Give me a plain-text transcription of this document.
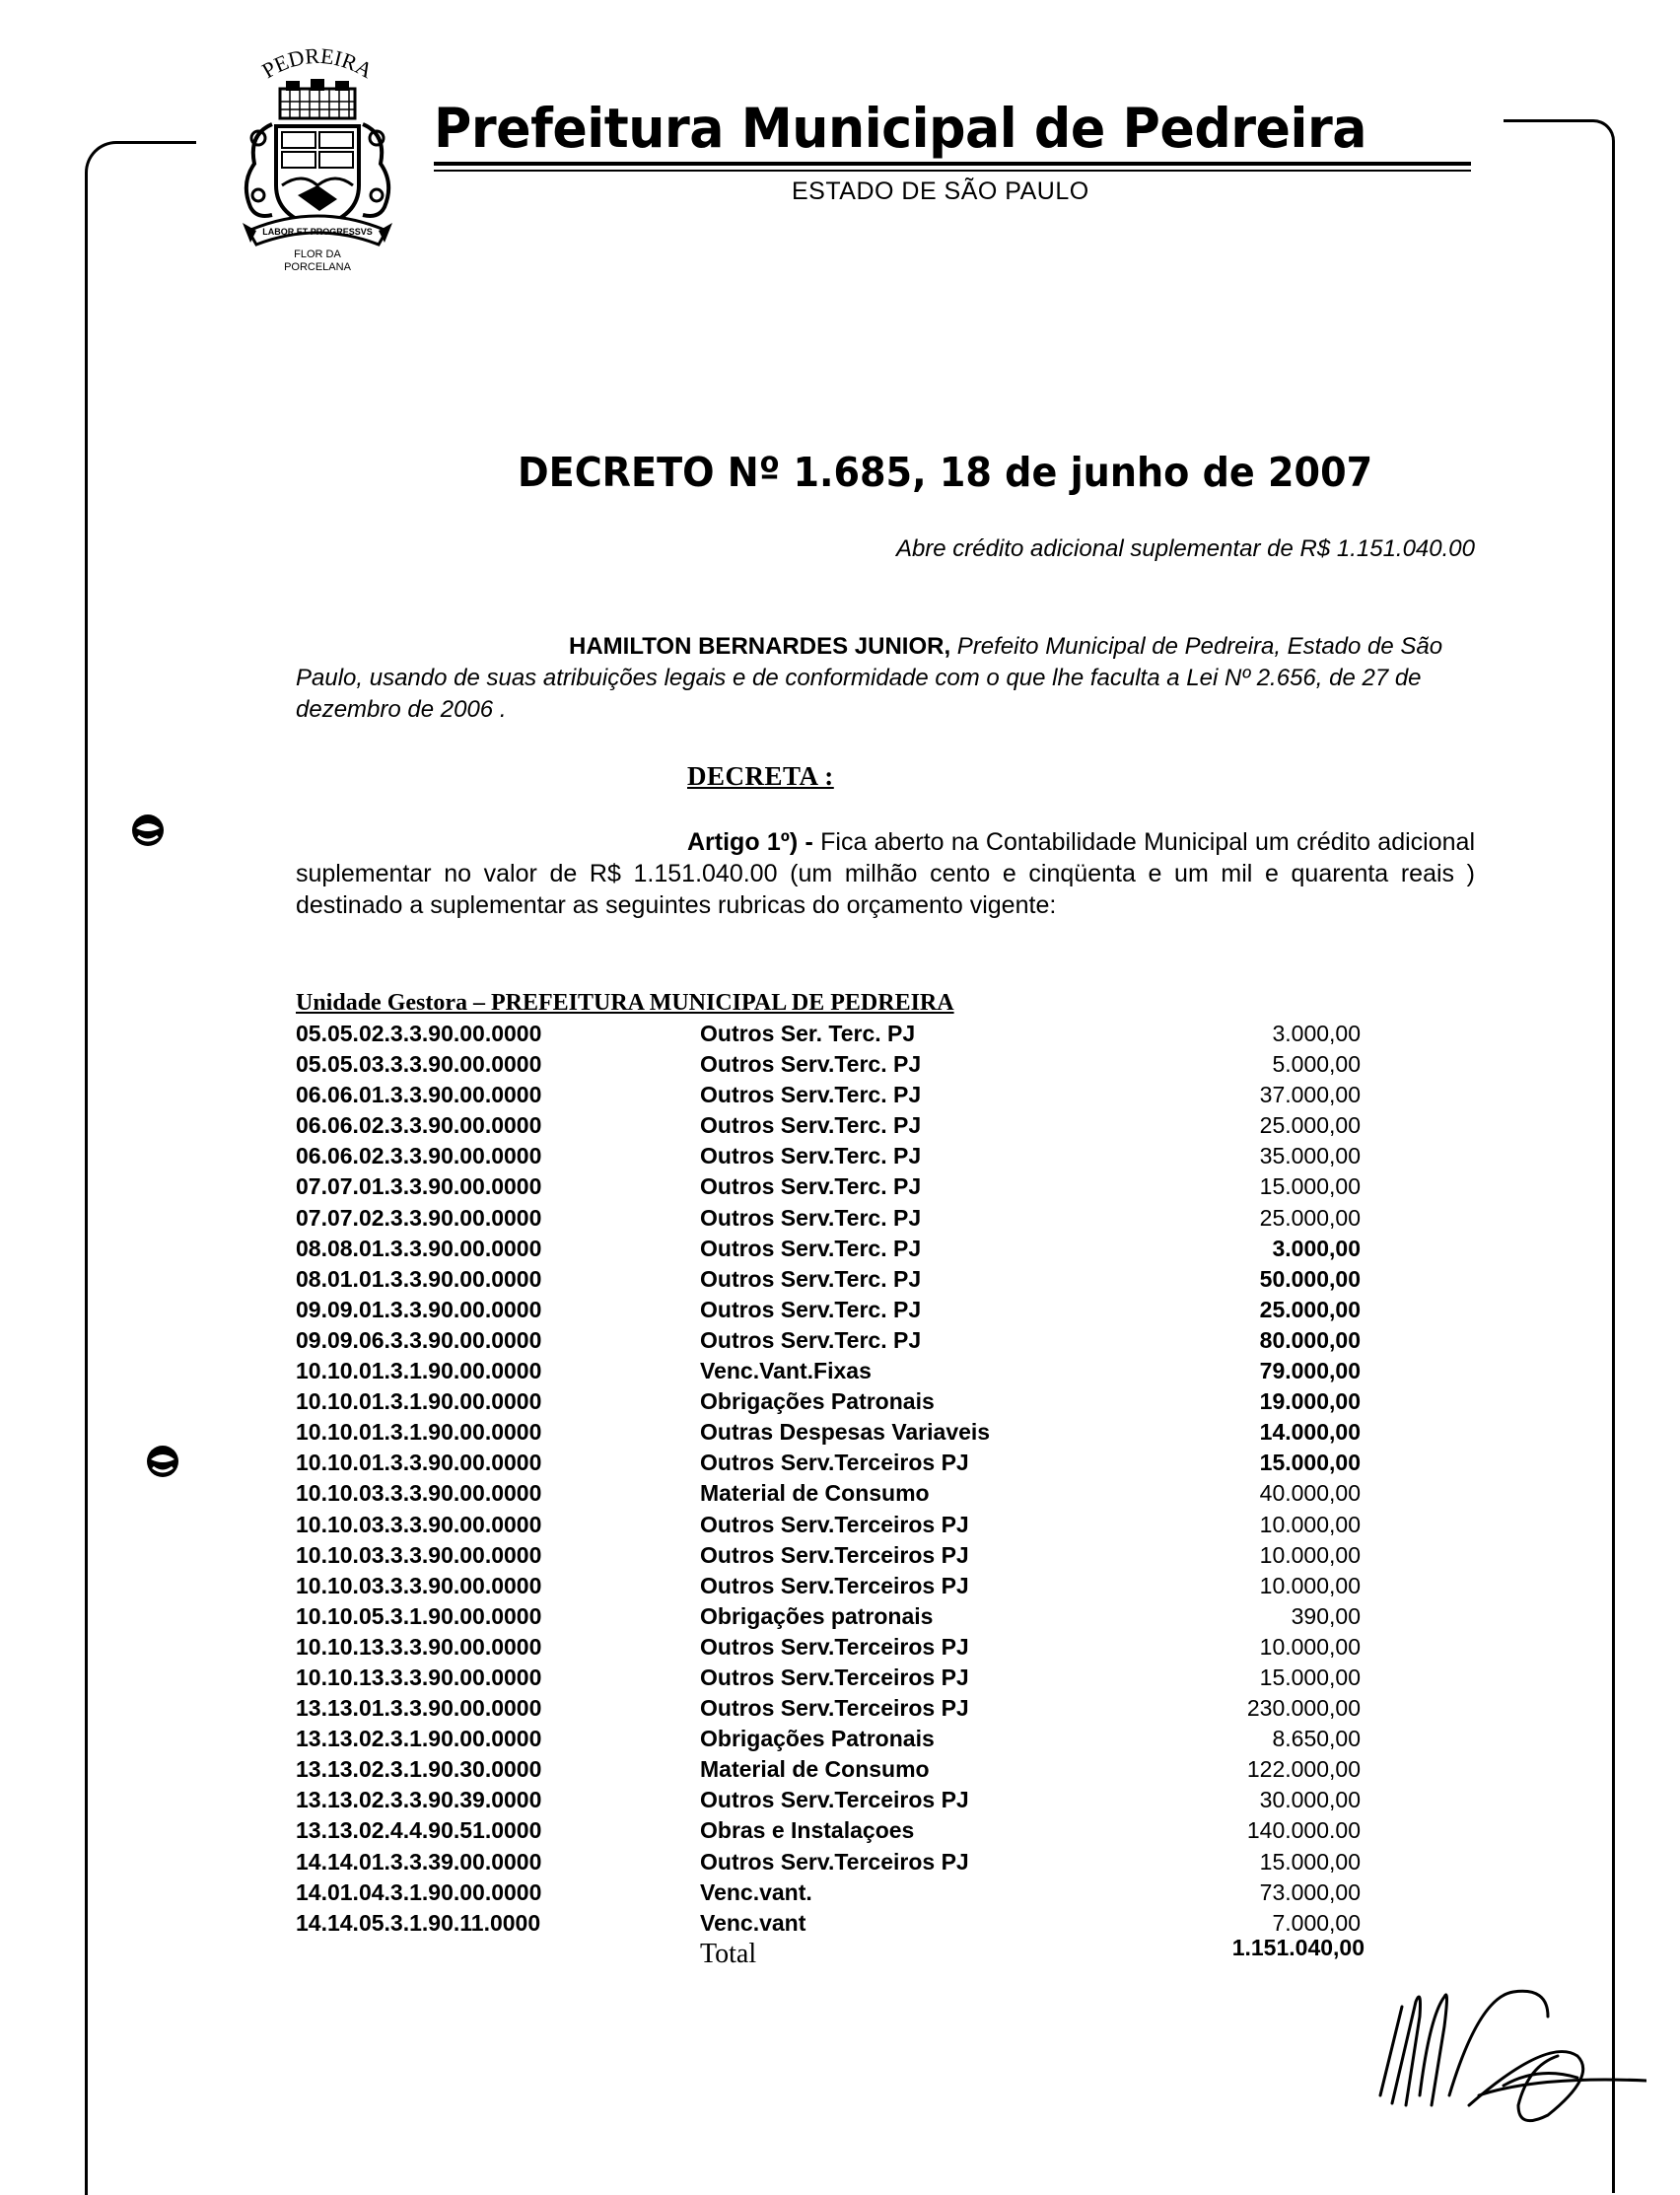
PEDREIRA
LABOR ET PROGRESSVS
FLOR DA
PORCELANA
Prefeitura Municipal de Pedreira
ESTADO DE SÃO PAULO
DECRETO Nº 1.685, 18 de junho de 2007
Abre crédito adicional suplementar de R$ 1.151.040.00
HAMILTON BERNARDES JUNIOR, Prefeito Municipal de Pedreira, Estado de São Paulo, usando de suas atribuições legais e de conformidade com o que lhe faculta a Lei Nº 2.656, de 27 de dezembro de 2006 .
DECRETA :
Artigo 1º) - Fica aberto na Contabilidade Municipal um crédito adicional suplementar no valor de R$ 1.151.040.00 (um milhão cento e cinqüenta e um mil e quarenta reais ) destinado a suplementar as seguintes rubricas do orçamento vigente:
Unidade Gestora – PREFEITURA MUNICIPAL DE PEDREIRA
05.05.02.3.3.90.00.0000	Outros Ser. Terc. PJ	3.000,00
05.05.03.3.3.90.00.0000	Outros Serv.Terc. PJ	5.000,00
06.06.01.3.3.90.00.0000	Outros Serv.Terc. PJ	37.000,00
06.06.02.3.3.90.00.0000	Outros Serv.Terc. PJ	25.000,00
06.06.02.3.3.90.00.0000	Outros Serv.Terc. PJ	35.000,00
07.07.01.3.3.90.00.0000	Outros Serv.Terc. PJ	15.000,00
07.07.02.3.3.90.00.0000	Outros Serv.Terc. PJ	25.000,00
08.08.01.3.3.90.00.0000	Outros Serv.Terc. PJ	3.000,00
08.01.01.3.3.90.00.0000	Outros Serv.Terc. PJ	50.000,00
09.09.01.3.3.90.00.0000	Outros Serv.Terc. PJ	25.000,00
09.09.06.3.3.90.00.0000	Outros Serv.Terc. PJ	80.000,00
10.10.01.3.1.90.00.0000	Venc.Vant.Fixas	79.000,00
10.10.01.3.1.90.00.0000	Obrigações Patronais	19.000,00
10.10.01.3.1.90.00.0000	Outras Despesas Variaveis	14.000,00
10.10.01.3.3.90.00.0000	Outros Serv.Terceiros PJ	15.000,00
10.10.03.3.3.90.00.0000	Material de Consumo	40.000,00
10.10.03.3.3.90.00.0000	Outros Serv.Terceiros PJ	10.000,00
10.10.03.3.3.90.00.0000	Outros Serv.Terceiros PJ	10.000,00
10.10.03.3.3.90.00.0000	Outros Serv.Terceiros PJ	10.000,00
10.10.05.3.1.90.00.0000	Obrigações patronais	390,00
10.10.13.3.3.90.00.0000	Outros Serv.Terceiros PJ	10.000,00
10.10.13.3.3.90.00.0000	Outros Serv.Terceiros PJ	15.000,00
13.13.01.3.3.90.00.0000	Outros Serv.Terceiros PJ	230.000,00
13.13.02.3.1.90.00.0000	Obrigações Patronais	8.650,00
13.13.02.3.1.90.30.0000	Material de Consumo	122.000,00
13.13.02.3.3.90.39.0000	Outros Serv.Terceiros PJ	30.000,00
13.13.02.4.4.90.51.0000	Obras e Instalaçoes	140.000.00
14.14.01.3.3.39.00.0000	Outros Serv.Terceiros PJ	15.000,00
14.01.04.3.1.90.00.0000	Venc.vant.	73.000,00
14.14.05.3.1.90.11.0000	Venc.vant	7.000,00
Total	1.151.040,00
